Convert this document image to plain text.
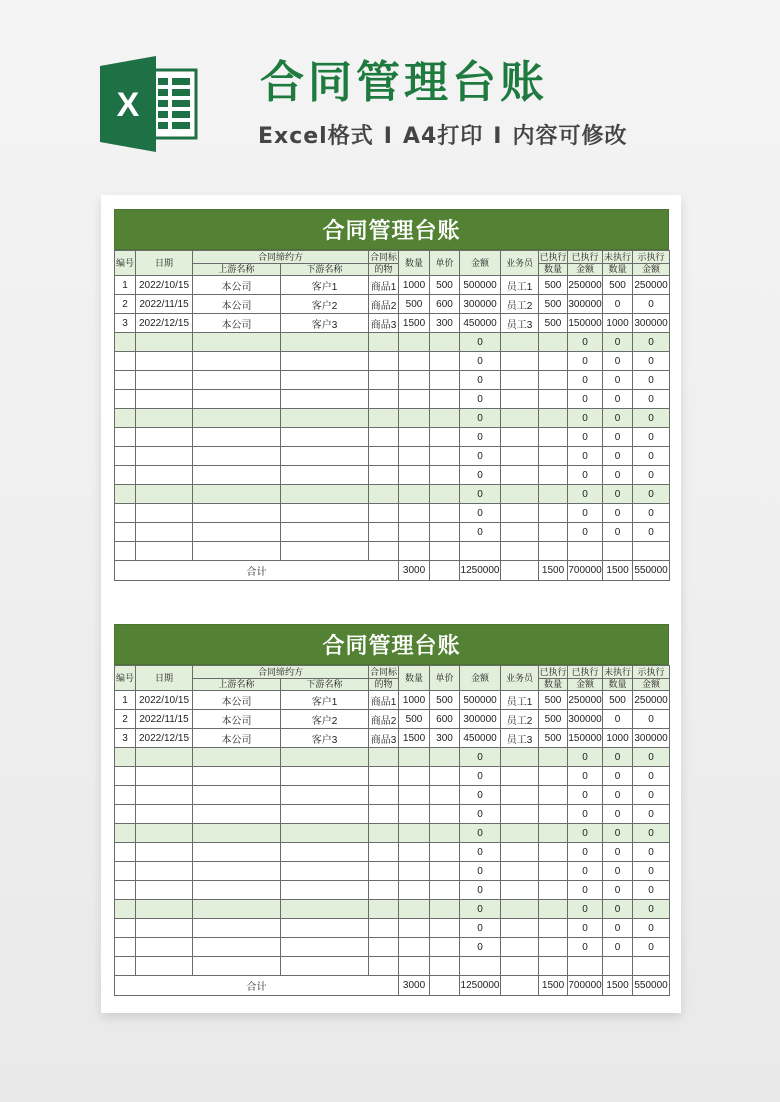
X	合同管理台账
Excel格式 I A4打印 I 内容可修改
合同管理台账
编号	日期	合同缔约方		合同标	数量	单价	金额	业务员	已执行	已执行	未执行	示执行
		上游名称	下游名称	的物					数量	金额	数量	金额
1	2022/10/15	本公司	客户1	商品1	1000	500	500000	员工1	500	250000	500	250000
2	2022/11/15	本公司	客户2	商品2	500	600	300000	员工2	500	300000	0	0
3	2022/12/15	本公司	客户3	商品3	1500	300	450000	员工3	500	150000	1000	300000
							0			0	0	0
							0			0	0	0
							0			0	0	0
							0			0	0	0
							0			0	0	0
							0			0	0	0
							0			0	0	0
							0			0	0	0
							0			0	0	0
							0			0	0	0
							0			0	0	0

合计					3000		1250000		1500	700000	1500	550000
合同管理台账
编号	日期	合同缔约方		合同标	数量	单价	金额	业务员	已执行	已执行	未执行	示执行
		上游名称	下游名称	的物					数量	金额	数量	金额
1	2022/10/15	本公司	客户1	商品1	1000	500	500000	员工1	500	250000	500	250000
2	2022/11/15	本公司	客户2	商品2	500	600	300000	员工2	500	300000	0	0
3	2022/12/15	本公司	客户3	商品3	1500	300	450000	员工3	500	150000	1000	300000
							0			0	0	0
							0			0	0	0
							0			0	0	0
							0			0	0	0
							0			0	0	0
							0			0	0	0
							0			0	0	0
							0			0	0	0
							0			0	0	0
							0			0	0	0
							0			0	0	0

合计					3000		1250000		1500	700000	1500	550000
